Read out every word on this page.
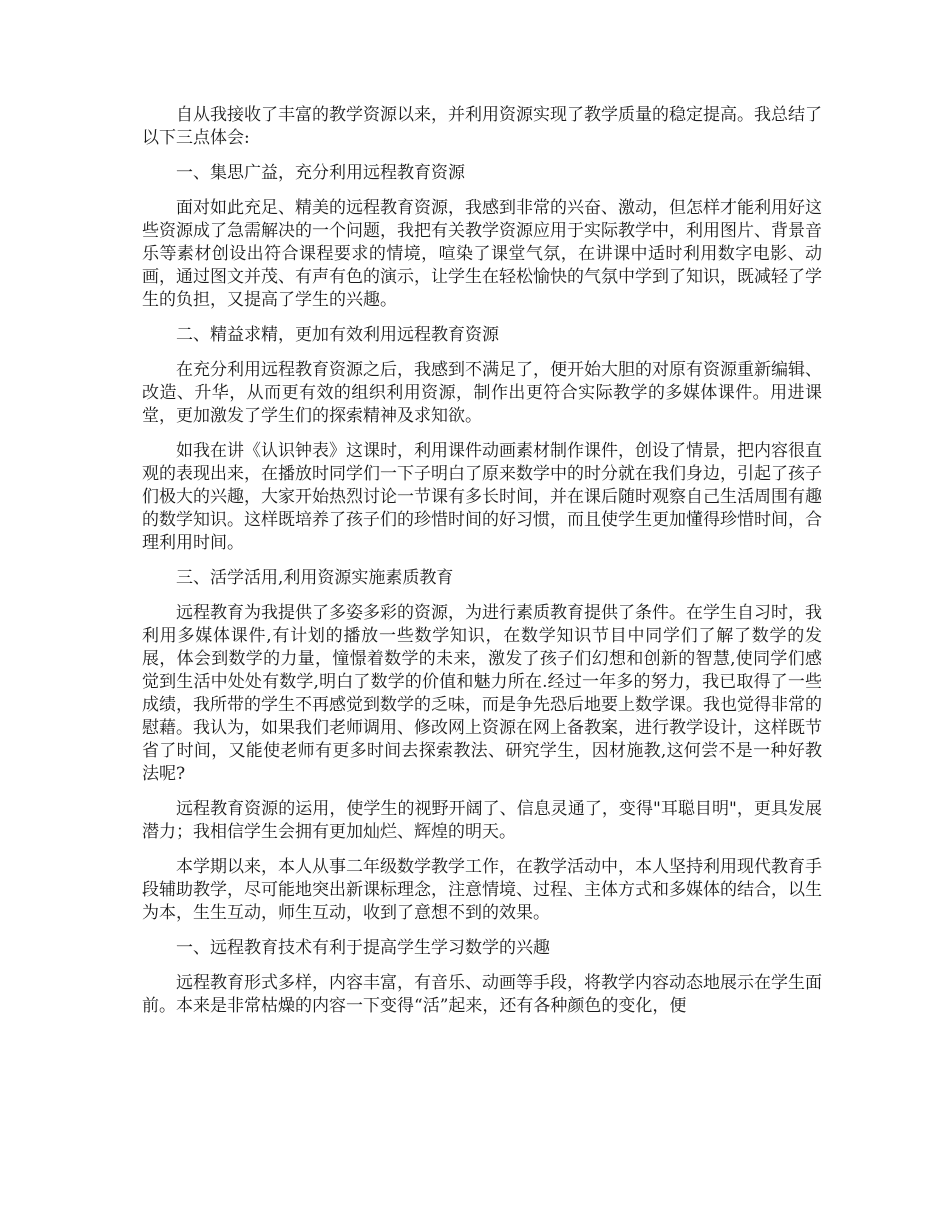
自从我接收了丰富的教学资源以来，并利用资源实现了教学质量的稳定提高。我总结了以下三点体会:

一、集思广益，充分利用远程教育资源

面对如此充足、精美的远程教育资源，我感到非常的兴奋、激动，但怎样才能利用好这些资源成了急需解决的一个问题，我把有关教学资源应用于实际教学中，利用图片、背景音乐等素材创设出符合课程要求的情境，喧染了课堂气氛，在讲课中适时利用数字电影、动画，通过图文并茂、有声有色的演示，让学生在轻松愉快的气氛中学到了知识，既减轻了学生的负担，又提高了学生的兴趣。

二、精益求精，更加有效利用远程教育资源

在充分利用远程教育资源之后，我感到不满足了，便开始大胆的对原有资源重新编辑、改造、升华，从而更有效的组织利用资源，制作出更符合实际教学的多媒体课件。用进课堂，更加激发了学生们的探索精神及求知欲。

如我在讲《认识钟表》这课时，利用课件动画素材制作课件，创设了情景，把内容很直观的表现出来，在播放时同学们一下子明白了原来数学中的时分就在我们身边，引起了孩子们极大的兴趣，大家开始热烈讨论一节课有多长时间，并在课后随时观察自己生活周围有趣的数学知识。这样既培养了孩子们的珍惜时间的好习惯，而且使学生更加懂得珍惜时间，合理利用时间。

三、活学活用,利用资源实施素质教育

远程教育为我提供了多姿多彩的资源，为进行素质教育提供了条件。在学生自习时，我利用多媒体课件,有计划的播放一些数学知识，在数学知识节目中同学们了解了数学的发展，体会到数学的力量，憧憬着数学的未来，激发了孩子们幻想和创新的智慧,使同学们感觉到生活中处处有数学,明白了数学的价值和魅力所在.经过一年多的努力，我已取得了一些成绩，我所带的学生不再感觉到数学的乏味，而是争先恐后地要上数学课。我也觉得非常的慰藉。我认为，如果我们老师调用、修改网上资源在网上备教案，进行教学设计，这样既节省了时间，又能使老师有更多时间去探索教法、研究学生，因材施教,这何尝不是一种好教法呢?

远程教育资源的运用，使学生的视野开阔了、信息灵通了，变得"耳聪目明"，更具发展潜力；我相信学生会拥有更加灿烂、辉煌的明天。

本学期以来，本人从事二年级数学教学工作，在教学活动中，本人坚持利用现代教育手段辅助教学，尽可能地突出新课标理念，注意情境、过程、主体方式和多媒体的结合，以生为本，生生互动，师生互动，收到了意想不到的效果。

一、远程教育技术有利于提高学生学习数学的兴趣

远程教育形式多样，内容丰富，有音乐、动画等手段，将教学内容动态地展示在学生面前。本来是非常枯燥的内容一下变得“活”起来，还有各种颜色的变化，便
